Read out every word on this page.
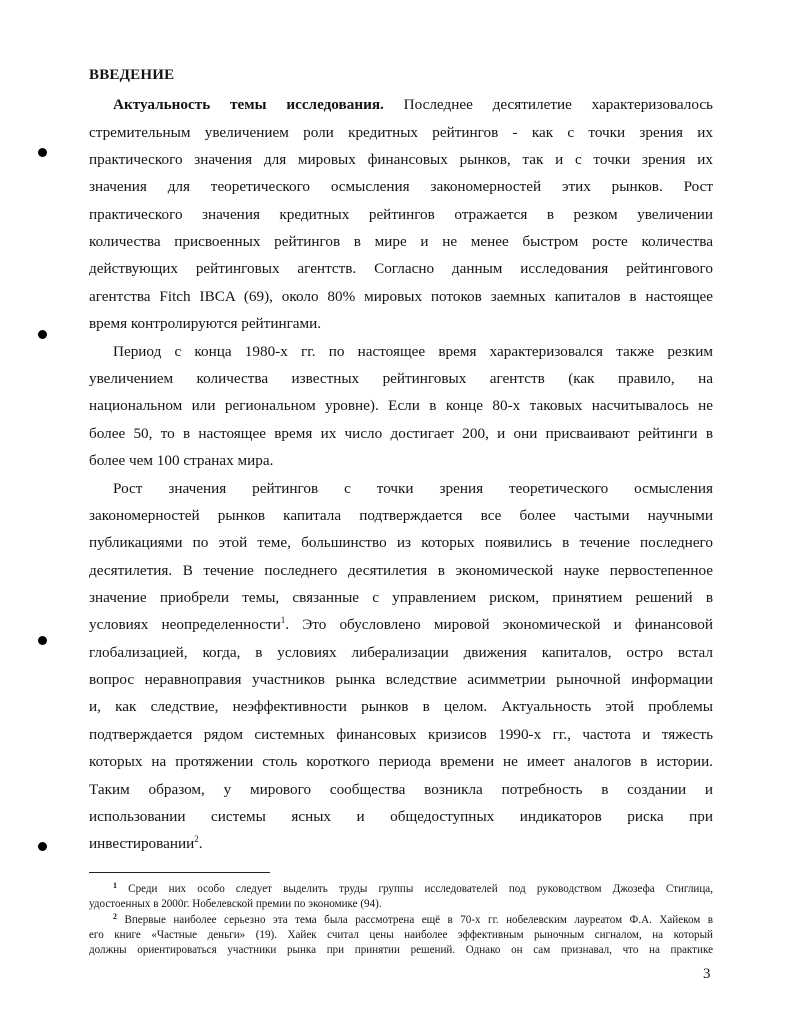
ВВЕДЕНИЕ
Актуальность темы исследования. Последнее десятилетие характеризовалось
стремительным увеличением роли кредитных рейтингов - как с точки зрения их
практического значения для мировых финансовых рынков, так и с точки зрения их
значения для теоретического осмысления закономерностей этих рынков. Рост
практического значения кредитных рейтингов отражается в резком увеличении
количества присвоенных рейтингов в мире и не менее быстром росте количества
действующих рейтинговых агентств. Согласно данным исследования рейтингового
агентства Fitch IBCA (69), около 80% мировых потоков заемных капиталов в настоящее
время контролируются рейтингами.
Период с конца 1980-х гг. по настоящее время характеризовался также резким
увеличением количества известных рейтинговых агентств (как правило, на
национальном или региональном уровне). Если в конце 80-х таковых насчитывалось не
более 50, то в настоящее время их число достигает 200, и они присваивают рейтинги в
более чем 100 странах мира.
Рост значения рейтингов с точки зрения теоретического осмысления
закономерностей рынков капитала подтверждается все более частыми научными
публикациями по этой теме, большинство из которых появились в течение последнего
десятилетия. В течение последнего десятилетия в экономической науке первостепенное
значение приобрели темы, связанные с управлением риском, принятием решений в
условиях неопределенности$^1$. Это обусловлено мировой экономической и финансовой
глобализацией, когда, в условиях либерализации движения капиталов, остро встал
вопрос неравноправия участников рынка вследствие асимметрии рыночной информации
и, как следствие, неэффективности рынков в целом. Актуальность этой проблемы
подтверждается рядом системных финансовых кризисов 1990-х гг., частота и тяжесть
которых на протяжении столь короткого периода времени не имеет аналогов в истории.
Таким образом, у мирового сообщества возникла потребность в создании и
использовании системы ясных и общедоступных индикаторов риска при
инвестировании$^2$.
$^1$ Среди них особо следует выделить труды группы исследователей под руководством Джозефа Стиглица,
удостоенных в 2000г. Нобелевской премии по экономике (94).
$^2$ Впервые наиболее серьезно эта тема была рассмотрена ещё в 70-х гг. нобелевским лауреатом Ф.А. Хайеком в
его книге «Частные деньги» (19). Хайек считал цены наиболее эффективным рыночным сигналом, на который
должны ориентироваться участники рынка при принятии решений. Однако он сам признавал, что на практике
3
